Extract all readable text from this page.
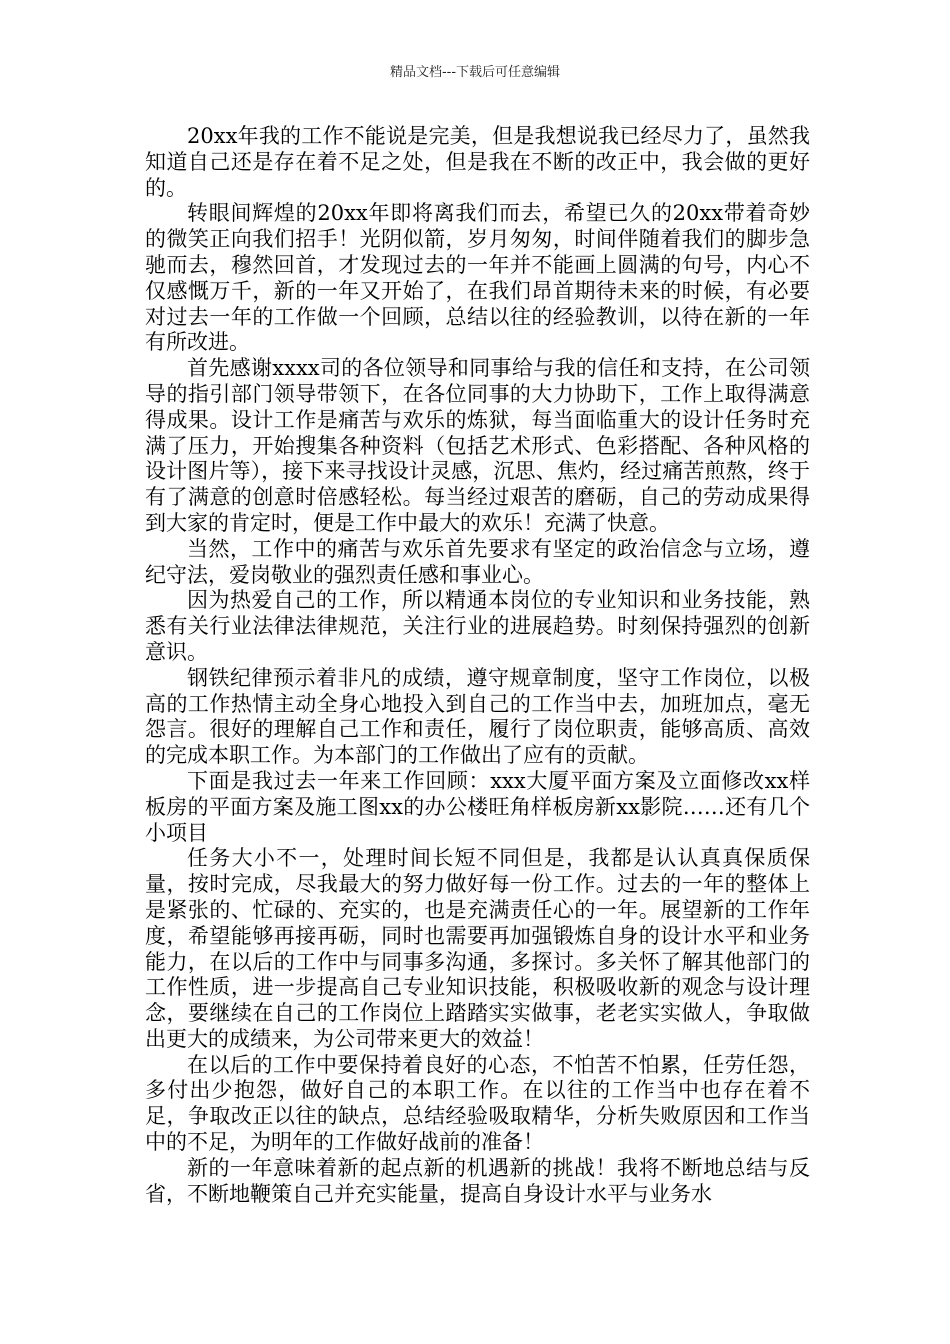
精品文档---下载后可任意编辑

20xx年我的工作不能说是完美，但是我想说我已经尽力了，虽然我知道自己还是存在着不足之处，但是我在不断的改正中，我会做的更好的。

转眼间辉煌的20xx年即将离我们而去，希望已久的20xx带着奇妙的微笑正向我们招手！光阴似箭，岁月匆匆，时间伴随着我们的脚步急驰而去，穆然回首，才发现过去的一年并不能画上圆满的句号，内心不仅感慨万千，新的一年又开始了，在我们昂首期待未来的时候，有必要对过去一年的工作做一个回顾，总结以往的经验教训，以待在新的一年有所改进。

首先感谢xxxx司的各位领导和同事给与我的信任和支持，在公司领导的指引部门领导带领下，在各位同事的大力协助下，工作上取得满意得成果。设计工作是痛苦与欢乐的炼狱，每当面临重大的设计任务时充满了压力，开始搜集各种资料（包括艺术形式、色彩搭配、各种风格的设计图片等），接下来寻找设计灵感，沉思、焦灼，经过痛苦煎熬，终于有了满意的创意时倍感轻松。每当经过艰苦的磨砺，自己的劳动成果得到大家的肯定时，便是工作中最大的欢乐！充满了快意。

当然，工作中的痛苦与欢乐首先要求有坚定的政治信念与立场，遵纪守法，爱岗敬业的强烈责任感和事业心。

因为热爱自己的工作，所以精通本岗位的专业知识和业务技能，熟悉有关行业法律法律规范，关注行业的进展趋势。时刻保持强烈的创新意识。

钢铁纪律预示着非凡的成绩，遵守规章制度，坚守工作岗位，以极高的工作热情主动全身心地投入到自己的工作当中去，加班加点，毫无怨言。很好的理解自己工作和责任，履行了岗位职责，能够高质、高效的完成本职工作。为本部门的工作做出了应有的贡献。

下面是我过去一年来工作回顾：xxx大厦平面方案及立面修改xx样板房的平面方案及施工图xx的办公楼旺角样板房新xx影院……还有几个小项目

任务大小不一，处理时间长短不同但是，我都是认认真真保质保量，按时完成，尽我最大的努力做好每一份工作。过去的一年的整体上是紧张的、忙碌的、充实的，也是充满责任心的一年。展望新的工作年度，希望能够再接再砺，同时也需要再加强锻炼自身的设计水平和业务能力，在以后的工作中与同事多沟通，多探讨。多关怀了解其他部门的工作性质，进一步提高自己专业知识技能，积极吸收新的观念与设计理念，要继续在自己的工作岗位上踏踏实实做事，老老实实做人，争取做出更大的成绩来，为公司带来更大的效益！

在以后的工作中要保持着良好的心态，不怕苦不怕累，任劳任怨，多付出少抱怨，做好自己的本职工作。在以往的工作当中也存在着不足，争取改正以往的缺点，总结经验吸取精华，分析失败原因和工作当中的不足，为明年的工作做好战前的准备！

新的一年意味着新的起点新的机遇新的挑战！我将不断地总结与反省，不断地鞭策自己并充实能量，提高自身设计水平与业务水
